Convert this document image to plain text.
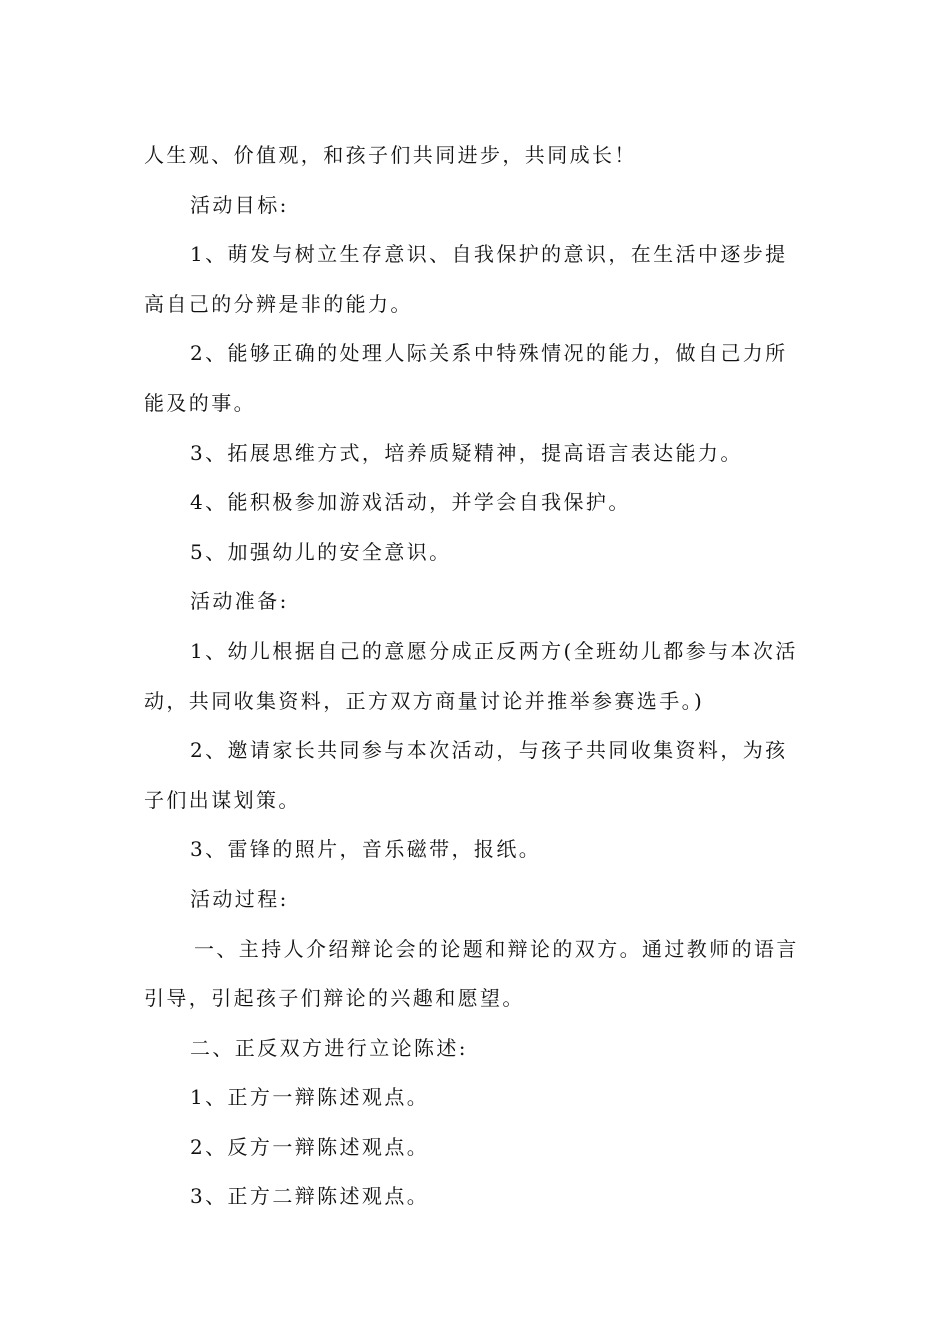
人生观、价值观，和孩子们共同进步，共同成长！

活动目标:

1、萌发与树立生存意识、自我保护的意识，在生活中逐步提高自己的分辨是非的能力。

2、能够正确的处理人际关系中特殊情况的能力，做自己力所能及的事。

3、拓展思维方式，培养质疑精神，提高语言表达能力。

4、能积极参加游戏活动，并学会自我保护。

5、加强幼儿的安全意识。

活动准备:

1、幼儿根据自己的意愿分成正反两方(全班幼儿都参与本次活动，共同收集资料，正方双方商量讨论并推举参赛选手。)

2、邀请家长共同参与本次活动，与孩子共同收集资料，为孩子们出谋划策。

3、雷锋的照片，音乐磁带，报纸。

活动过程:

一、主持人介绍辩论会的论题和辩论的双方。通过教师的语言引导，引起孩子们辩论的兴趣和愿望。

二、正反双方进行立论陈述:

1、正方一辩陈述观点。

2、反方一辩陈述观点。

3、正方二辩陈述观点。
